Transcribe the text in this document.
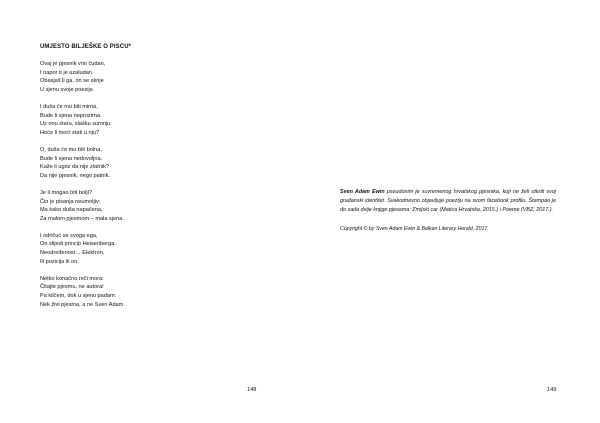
UMJESTO BILJEŠKE O PISCU*
Ovaj je pjesnik vrlo čudan,
I napor ti je uzaludan.
Obasjaš li ga, on se skrije
U sjenu svoje poezije.
I duša će mu biti mirna,
Bude li sjena neprozirna.
Uz onu staru, slašku sumnju:
Hoće li moći stati u nju?
O, duša će mu biti bolna,
Bude li sjena nedovoljna.
Kaže li ugriz da nije zlatnik?
Da nije pjesnik, nego patnik.
Je li mogao biti bolji?
Čin je pisanja neumoljiv:
Ma kako duša napačena,
Za malom pjesmom – mala sjena.
I odričuć se svoga ega,
On slijedi princip Heisenberga.
Neodređenost… Elektron.
Ili pozicija ili on.
Netko konačno reči mora:
Čitajte pjesmu, ne autora!
Pa kličem, dok u sjenu padam:
Nek živi pjesma, a ne Sven Adam.
148

Sven Adam Ewin pseudonim je suvremenog hrvatskog pjesnika, koji ne želi otkriti svoj građanski identitet. Svakodnevno objavljuje poeziju na svom facebook profilu. Štampao je do sada dvije knjige pjesama: Zmijski car (Matica Hrvatska, 2015.) i Poeme (VBZ, 2017.).

Copyright © by Sven Adam Ewin & Balkan Literary Herald, 2017.
149
